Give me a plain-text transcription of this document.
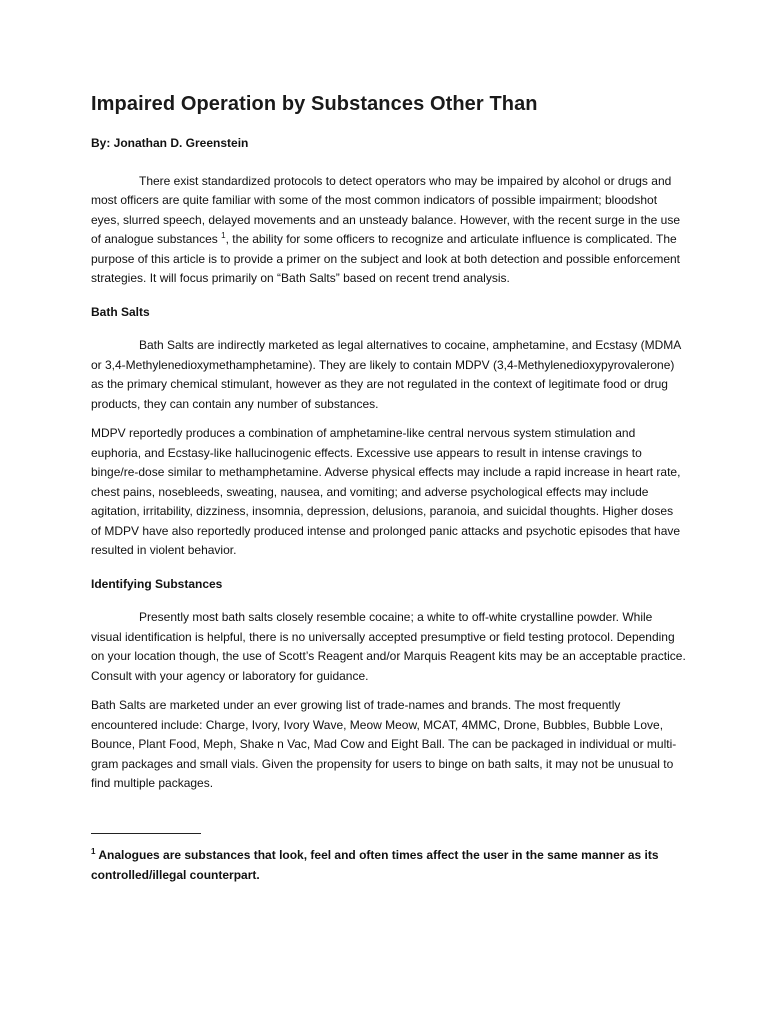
Impaired Operation by Substances Other Than

By: Jonathan D. Greenstein

There exist standardized protocols to detect operators who may be impaired by alcohol or drugs and most officers are quite familiar with some of the most common indicators of possible impairment; bloodshot eyes, slurred speech, delayed movements and an unsteady balance. However, with the recent surge in the use of analogue substances $^1$, the ability for some officers to recognize and articulate influence is complicated. The purpose of this article is to provide a primer on the subject and look at both detection and possible enforcement strategies. It will focus primarily on “Bath Salts” based on recent trend analysis.

Bath Salts

Bath Salts are indirectly marketed as legal alternatives to cocaine, amphetamine, and Ecstasy (MDMA or 3,4-Methylenedioxymethamphetamine). They are likely to contain MDPV (3,4-Methylenedioxypyrovalerone) as the primary chemical stimulant, however as they are not regulated in the context of legitimate food or drug products, they can contain any number of substances.

MDPV reportedly produces a combination of amphetamine-like central nervous system stimulation and euphoria, and Ecstasy-like hallucinogenic effects. Excessive use appears to result in intense cravings to binge/re-dose similar to methamphetamine. Adverse physical effects may include a rapid increase in heart rate, chest pains, nosebleeds, sweating, nausea, and vomiting; and adverse psychological effects may include agitation, irritability, dizziness, insomnia, depression, delusions, paranoia, and suicidal thoughts. Higher doses of MDPV have also reportedly produced intense and prolonged panic attacks and psychotic episodes that have resulted in violent behavior.

Identifying Substances

Presently most bath salts closely resemble cocaine; a white to off-white crystalline powder. While visual identification is helpful, there is no universally accepted presumptive or field testing protocol. Depending on your location though, the use of Scott’s Reagent and/or Marquis Reagent kits may be an acceptable practice. Consult with your agency or laboratory for guidance.

Bath Salts are marketed under an ever growing list of trade-names and brands. The most frequently encountered include: Charge, Ivory, Ivory Wave, Meow Meow, MCAT, 4MMC, Drone, Bubbles, Bubble Love, Bounce, Plant Food, Meph, Shake n Vac, Mad Cow and Eight Ball. The can be packaged in individual or multi-gram packages and small vials. Given the propensity for users to binge on bath salts, it may not be unusual to find multiple packages.

$^1$ Analogues are substances that look, feel and often times affect the user in the same manner as its controlled/illegal counterpart.
